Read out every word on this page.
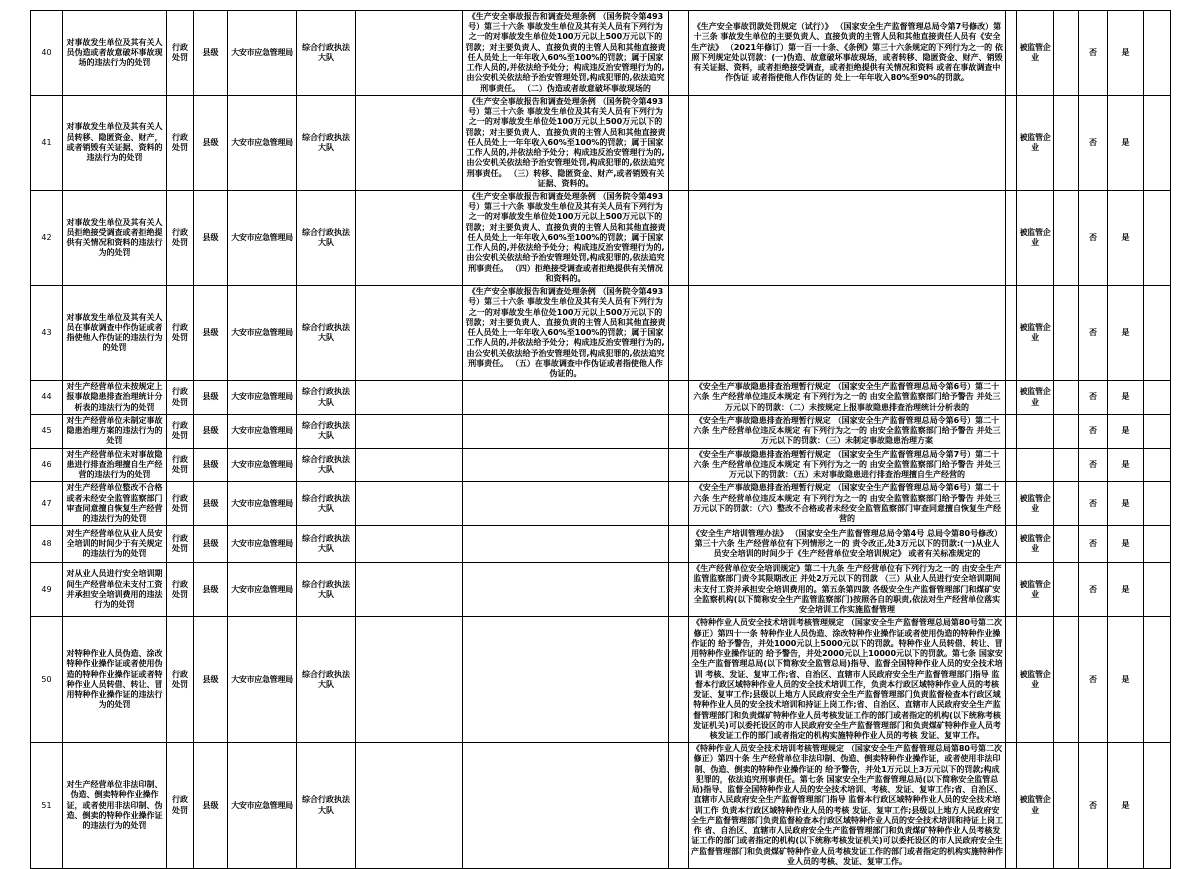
40	对事故发生单位及其有关人员伪造或者故意破坏事故现场的违法行为的处罚	行政处罚	县级	大安市应急管理局	综合行政执法大队		《生产安全事故报告和调查处理条例 （国务院令第493号）第三十六条 事故发生单位及其有关人员有下列行为之一的对事故发生单位处100万元以上500万元以下的罚款；对主要负责人、直接负责的主管人员和其他直接责任人员处上一年年收入60%至100%的罚款；属于国家工作人员的,并依法给予处分；构成违反治安管理行为的,由公安机关依法给予治安管理处罚,构成犯罪的,依法追究刑事责任。 （二）伪造或者故意破坏事故现场的		《生产安全事故罚款处罚规定（试行）》 （国家安全生产监督管理总局令第7号修改）第十三条 事故发生单位的主要负责人、直接负责的主管人员和其他直接责任人员有《安全生产法》 （2021年修订）第一百一十条、《条例》第三十六条规定的下列行为之一的 依照下列规定处以罚款：(一)伪造、故意破坏事故现场，或者转移、隐匿资金、财产、销毁有关证据、资料，或者拒绝接受调查，或者拒绝提供有关情况和资料 或者在事故调查中作伪证 或者指使他人作伪证的 处上一年年收入80%至90%的罚款。		被监管企业		否	是	
41	对事故发生单位及其有关人员转移、隐匿资金、财产，或者销毁有关证据、资料的违法行为的处罚	行政处罚	县级	大安市应急管理局	综合行政执法大队		《生产安全事故报告和调查处理条例 （国务院令第493号）第三十六条 事故发生单位及其有关人员有下列行为之一的对事故发生单位处100万元以上500万元以下的罚款；对主要负责人、直接负责的主管人员和其他直接责任人员处上一年年收入60%至100%的罚款；属于国家工作人员的,并依法给予处分；构成违反治安管理行为的,由公安机关依法给予治安管理处罚,构成犯罪的,依法追究刑事责任。 （三）转移、隐匿资金、财产,或者销毁有关证据、资料的。				被监管企业		否	是	
42	对事故发生单位及其有关人员拒绝接受调查或者拒绝提供有关情况和资料的违法行为的处罚	行政处罚	县级	大安市应急管理局	综合行政执法大队		《生产安全事故报告和调查处理条例 （国务院令第493号）第三十六条 事故发生单位及其有关人员有下列行为之一的对事故发生单位处100万元以上500万元以下的罚款；对主要负责人、直接负责的主管人员和其他直接责任人员处上一年年收入60%至100%的罚款；属于国家工作人员的,并依法给予处分；构成违反治安管理行为的,由公安机关依法给予治安管理处罚,构成犯罪的,依法追究刑事责任。 （四）拒绝接受调查或者拒绝提供有关情况和资料的。				被监管企业		否	是	
43	对事故发生单位及其有关人员在事故调查中作伪证或者指使他人作伪证的违法行为的处罚	行政处罚	县级	大安市应急管理局	综合行政执法大队		《生产安全事故报告和调查处理条例 （国务院令第493号）第三十六条 事故发生单位及其有关人员有下列行为之一的对事故发生单位处100万元以上500万元以下的罚款；对主要负责人、直接负责的主管人员和其他直接责任人员处上一年年收入60%至100%的罚款；属于国家工作人员的,并依法给予处分；构成违反治安管理行为的,由公安机关依法给予治安管理处罚,构成犯罪的,依法追究刑事责任。 （五）在事故调查中作伪证或者指使他人作伪证的。				被监管企业		否	是	
44	对生产经营单位未按规定上报事故隐患排查治理统计分析表的违法行为的处罚	行政处罚	县级	大安市应急管理局	综合行政执法大队				《安全生产事故隐患排查治理暂行规定 （国家安全生产监督管理总局令第6号）第二十六条 生产经营单位违反本规定 有下列行为之一的 由安全监管监察部门给予警告 并处三万元以下的罚款：（二）未按规定上报事故隐患排查治理统计分析表的		被监管企业		否	是	
45	对生产经营单位未制定事故隐患治理方案的违法行为的处罚	行政处罚	县级	大安市应急管理局	综合行政执法大队				《安全生产事故隐患排查治理暂行规定 （国家安全生产监督管理总局令第6号）第二十六条 生产经营单位违反本规定 有下列行为之一的 由安全监管监察部门给予警告 并处三万元以下的罚款：（三）未制定事故隐患治理方案				否	是	
46	对生产经营单位未对事故隐患进行排查治理擅自生产经营的违法行为的处罚	行政处罚	县级	大安市应急管理局	综合行政执法大队				《安全生产事故隐患排查治理暂行规定 （国家安全生产监督管理总局令第7号）第二十六条 生产经营单位违反本规定 有下列行为之一的 由安全监管监察部门给予警告 并处三万元以下的罚款：（五）未对事故隐患进行排查治理擅自生产经营的				否	是	
47	对生产经营单位整改不合格或者未经安全监管监察部门审查同意擅自恢复生产经营的违法行为的处罚	行政处罚	县级	大安市应急管理局	综合行政执法大队				《安全生产事故隐患排查治理暂行规定 （国家安全生产监督管理总局令第6号）第二十六条 生产经营单位违反本规定 有下列行为之一的 由安全监管监察部门给予警告 并处三万元以下的罚款：（六）整改不合格或者未经安全监管监察部门审查同意擅自恢复生产经营的		被监管企业		否	是	
48	对生产经营单位从业人员安全培训的时间少于有关规定的违法行为的处罚	行政处罚	县级	大安市应急管理局	综合行政执法大队				《安全生产培训管理办法》 （国家安全生产监督管理总局令第4号 总局令第80号修改） 第三十六条 生产经营单位有下列情形之一的 责令改正,处3万元以下的罚款:(一)从业人员安全培训的时间少于《生产经营单位安全培训规定》 或者有关标准规定的		被监管企业		否	是	
49	对从业人员进行安全培训期间生产经营单位未支付工资并承担安全培训费用的违法行为的处罚	行政处罚	县级	大安市应急管理局	综合行政执法大队				《生产经营单位安全培训规定》第二十九条 生产经营单位有下列行为之一的 由安全生产监管监察部门责令其限期改正 并处2万元以下的罚款 （三）从业人员进行安全培训期间未支付工资并承担安全培训费用的。第五条第四款 各级安全生产监督管理部门和煤矿安全监察机构(以下简称安全生产监管监察部门)按照各自的职责,依法对生产经营单位落实安全培训工作实施监督管理		被监管企业		否	是	
50	对特种作业人员伪造、涂改特种作业操作证或者使用伪造的特种作业操作证或者特种作业人员转借、转让、冒用特种作业操作证的违法行为的处罚	行政处罚	县级	大安市应急管理局	综合行政执法大队				《特种作业人员安全技术培训考核管理规定 （国家安全生产监督管理总局第80号第二次修正）第四十一条 特种作业人员伪造、涂改特种作业操作证或者使用伪造的特种作业操作证的 给予警告，并处1000元以上5000元以下的罚款。特种作业人员转借、转让、冒用特种作业操作证的 给予警告，并处2000元以上10000元以下的罚款。第七条 国家安全生产监督管理总局(以下简称安全监管总局)指导、监督全国特种作业人员的安全技术培训 考核、发证、复审工作;省、自治区、直辖市人民政府安全生产监督管理部门指导 监督本行政区域特种作业人员的安全技术培训工作，负责本行政区域特种作业人员的考核 发证、复审工作;县级以上地方人民政府安全生产监督管理部门负责监督检查本行政区域特种作业人员的安全技术培训和持证上岗工作;省、自治区、直辖市人民政府安全生产监督管理部门和负责煤矿特种作业人员考核发证工作的部门或者指定的机构(以下统称考核发证机关)可以委托设区的市人民政府安全生产监督管理部门和负责煤矿特种作业人员考核发证工作的部门或者指定的机构实施特种作业人员的考核 发证、复审工作。		被监管企业		否	是	
51	对生产经营单位非法印制、伪造、倒卖特种作业操作证，或者使用非法印制、伪造、倒卖的特种作业操作证的违法行为的处罚	行政处罚	县级	大安市应急管理局	综合行政执法大队				《特种作业人员安全技术培训考核管理规定 （国家安全生产监督管理总局第80号第二次修正）第四十条 生产经营单位非法印制、伪造、倒卖特种作业操作证，或者使用非法印制、伪造、倒卖的特种作业操作证的 给予警告，并处1万元以上3万元以下的罚款;构成犯罪的，依法追究刑事责任。第七条 国家安全生产监督管理总局(以下简称安全监管总局)指导、监督全国特种作业人员的安全技术培训、考核、发证、复审工作;省、自治区、直辖市人民政府安全生产监督管理部门指导 监督本行政区域特种作业人员的安全技术培训工作 负责本行政区域特种作业人员的考核 发证、复审工作;县级以上地方人民政府安全生产监督管理部门负责监督检查本行政区域特种作业人员的安全技术培训和持证上岗工作 省、自治区、直辖市人民政府安全生产监督管理部门和负责煤矿特种作业人员考核发证工作的部门或者指定的机构(以下统称考核发证机关)可以委托设区的市人民政府安全生产监督管理部门和负责煤矿特种作业人员考核发证工作的部门或者指定的机构实施特种作业人员的考核、发证、复审工作。		被监管企业		否	是	
